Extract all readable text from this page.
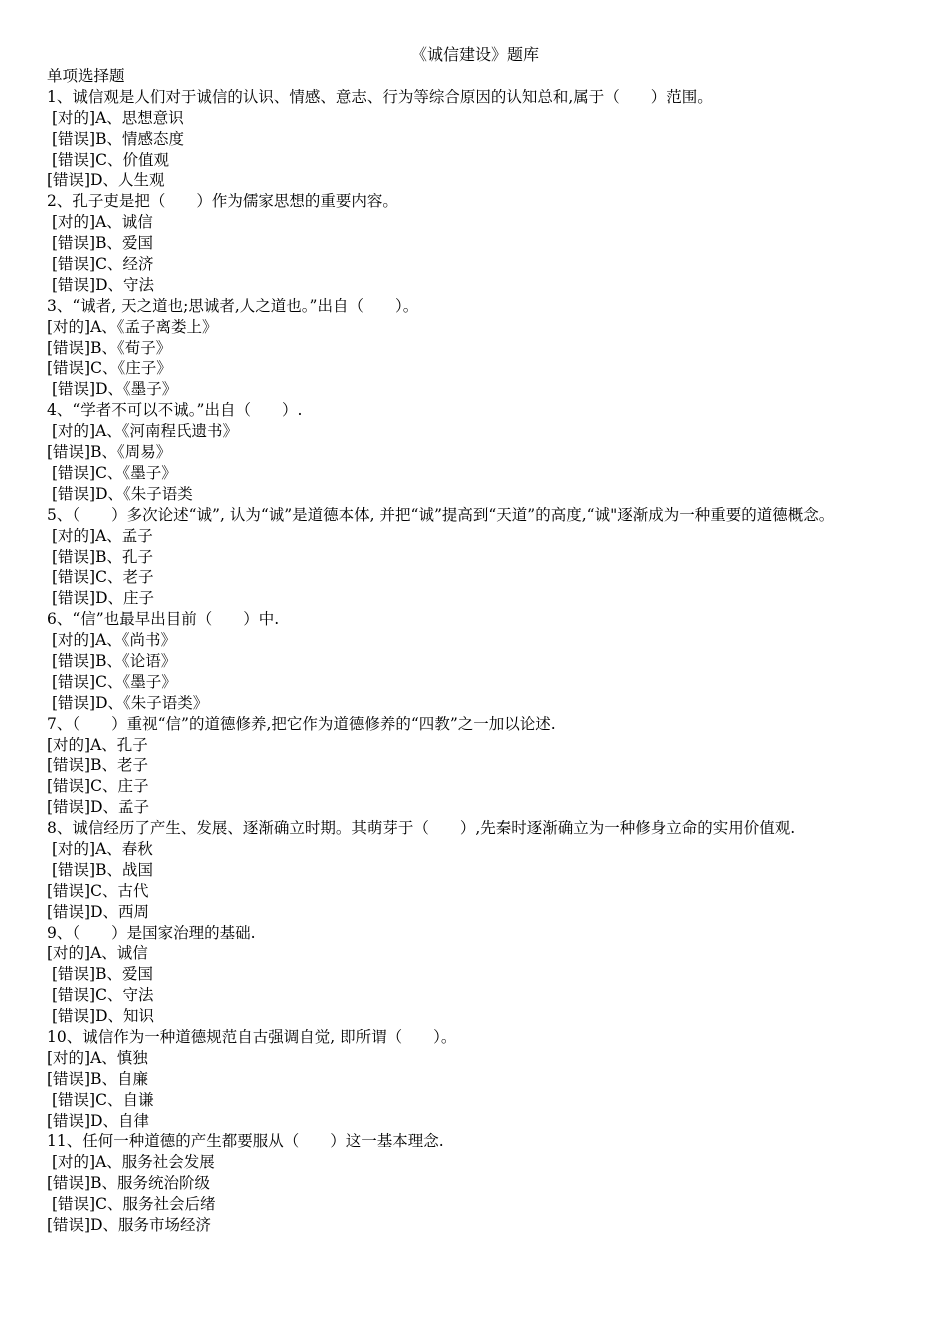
《诚信建设》题库
单项选择题
1、诚信观是人们对于诚信的认识、情感、意志、行为等综合原因的认知总和,属于（　　）范围。
[对的]A、思想意识
[错误]B、情感态度
[错误]C、价值观
[错误]D、人生观
2、孔子吏是把（　　）作为儒家思想的重要内容。
[对的]A、诚信
[错误]B、爱国
[错误]C、经济
[错误]D、守法
3、“诚者, 天之道也;思诚者,人之道也。”出自（　　）。
[对的]A、《孟子离娄上》
[错误]B、《荀子》
[错误]C、《庄子》
[错误]D、《墨子》
4、“学者不可以不诚。”出自（　　）.
[对的]A、《河南程氏遗书》
[错误]B、《周易》
[错误]C、《墨子》
[错误]D、《朱子语类
5、（　　）多次论述“诚”, 认为“诚”是道德本体, 并把“诚”提高到“天道”的高度,“诚"逐渐成为一种重要的道德概念。
[对的]A、孟子
[错误]B、孔子
[错误]C、老子
[错误]D、庄子
6、“信”也最早出目前（　　）中.
[对的]A、《尚书》
[错误]B、《论语》
[错误]C、《墨子》
[错误]D、《朱子语类》
7、（　　）重视“信”的道德修养,把它作为道德修养的“四教”之一加以论述.
[对的]A、孔子
[错误]B、老子
[错误]C、庄子
[错误]D、孟子
8、诚信经历了产生、发展、逐渐确立时期。其萌芽于（　　）,先秦时逐渐确立为一种修身立命的实用价值观.
[对的]A、春秋
[错误]B、战国
[错误]C、古代
[错误]D、西周
9、（　　）是国家治理的基础.
[对的]A、诚信
[错误]B、爱国
[错误]C、守法
[错误]D、知识
10、诚信作为一种道德规范自古强调自觉, 即所谓（　　）。
[对的]A、慎独
[错误]B、自廉
[错误]C、自谦
[错误]D、自律
11、任何一种道德的产生都要服从（　　）这一基本理念.
[对的]A、服务社会发展
[错误]B、服务统治阶级
[错误]C、服务社会后绪
[错误]D、服务市场经济
